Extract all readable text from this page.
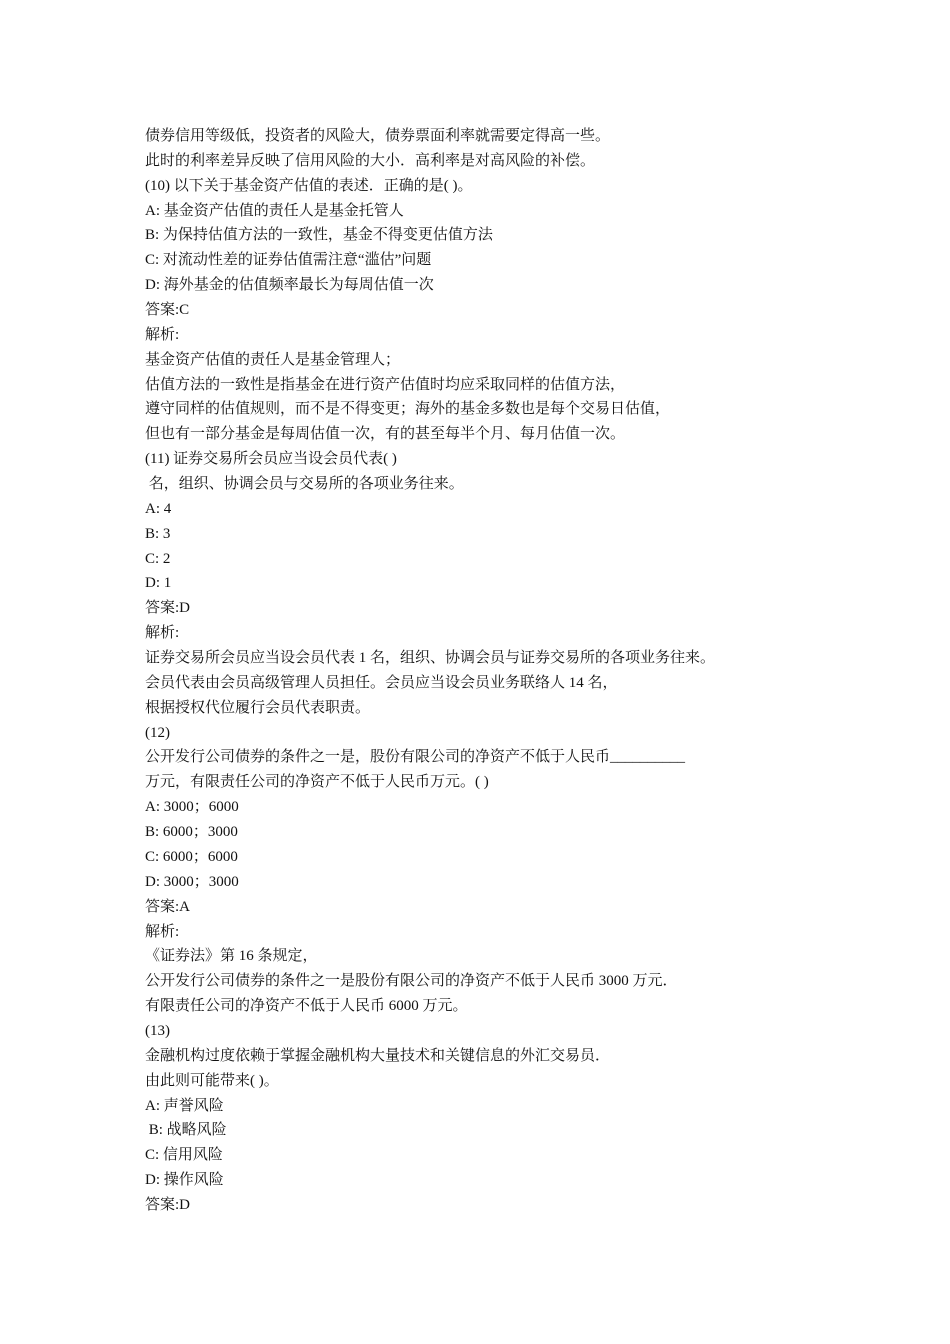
债券信用等级低，投资者的风险大，债券票面利率就需要定得高一些。
此时的利率差异反映了信用风险的大小．高利率是对高风险的补偿。
(10) 以下关于基金资产估值的表述．正确的是( )。
A: 基金资产估值的责任人是基金托管人
B: 为保持估值方法的一致性，基金不得变更估值方法
C: 对流动性差的证券估值需注意“滥估”问题
D: 海外基金的估值频率最长为每周估值一次
答案:C
解析:
基金资产估值的责任人是基金管理人；
估值方法的一致性是指基金在进行资产估值时均应采取同样的估值方法，
遵守同样的估值规则，而不是不得变更；海外的基金多数也是每个交易日估值，
但也有一部分基金是每周估值一次，有的甚至每半个月、每月估值一次。
(11) 证券交易所会员应当设会员代表( )
名，组织、协调会员与交易所的各项业务往来。
A: 4
B: 3
C: 2
D: 1
答案:D
解析:
证券交易所会员应当设会员代表 1 名，组织、协调会员与证券交易所的各项业务往来。
会员代表由会员高级管理人员担任。会员应当设会员业务联络人 14 名，
根据授权代位履行会员代表职责。
(12)
公开发行公司债券的条件之一是，股份有限公司的净资产不低于人民币__________
万元，有限责任公司的净资产不低于人民币万元。( )
A: 3000；6000
B: 6000；3000
C: 6000；6000
D: 3000；3000
答案:A
解析:
《证券法》第 16 条规定，
公开发行公司债券的条件之一是股份有限公司的净资产不低于人民币 3000 万元．
有限责任公司的净资产不低于人民币 6000 万元。
(13)
金融机构过度依赖于掌握金融机构大量技术和关键信息的外汇交易员．
由此则可能带来( )。
A: 声誉风险
B: 战略风险
C: 信用风险
D: 操作风险
答案:D
